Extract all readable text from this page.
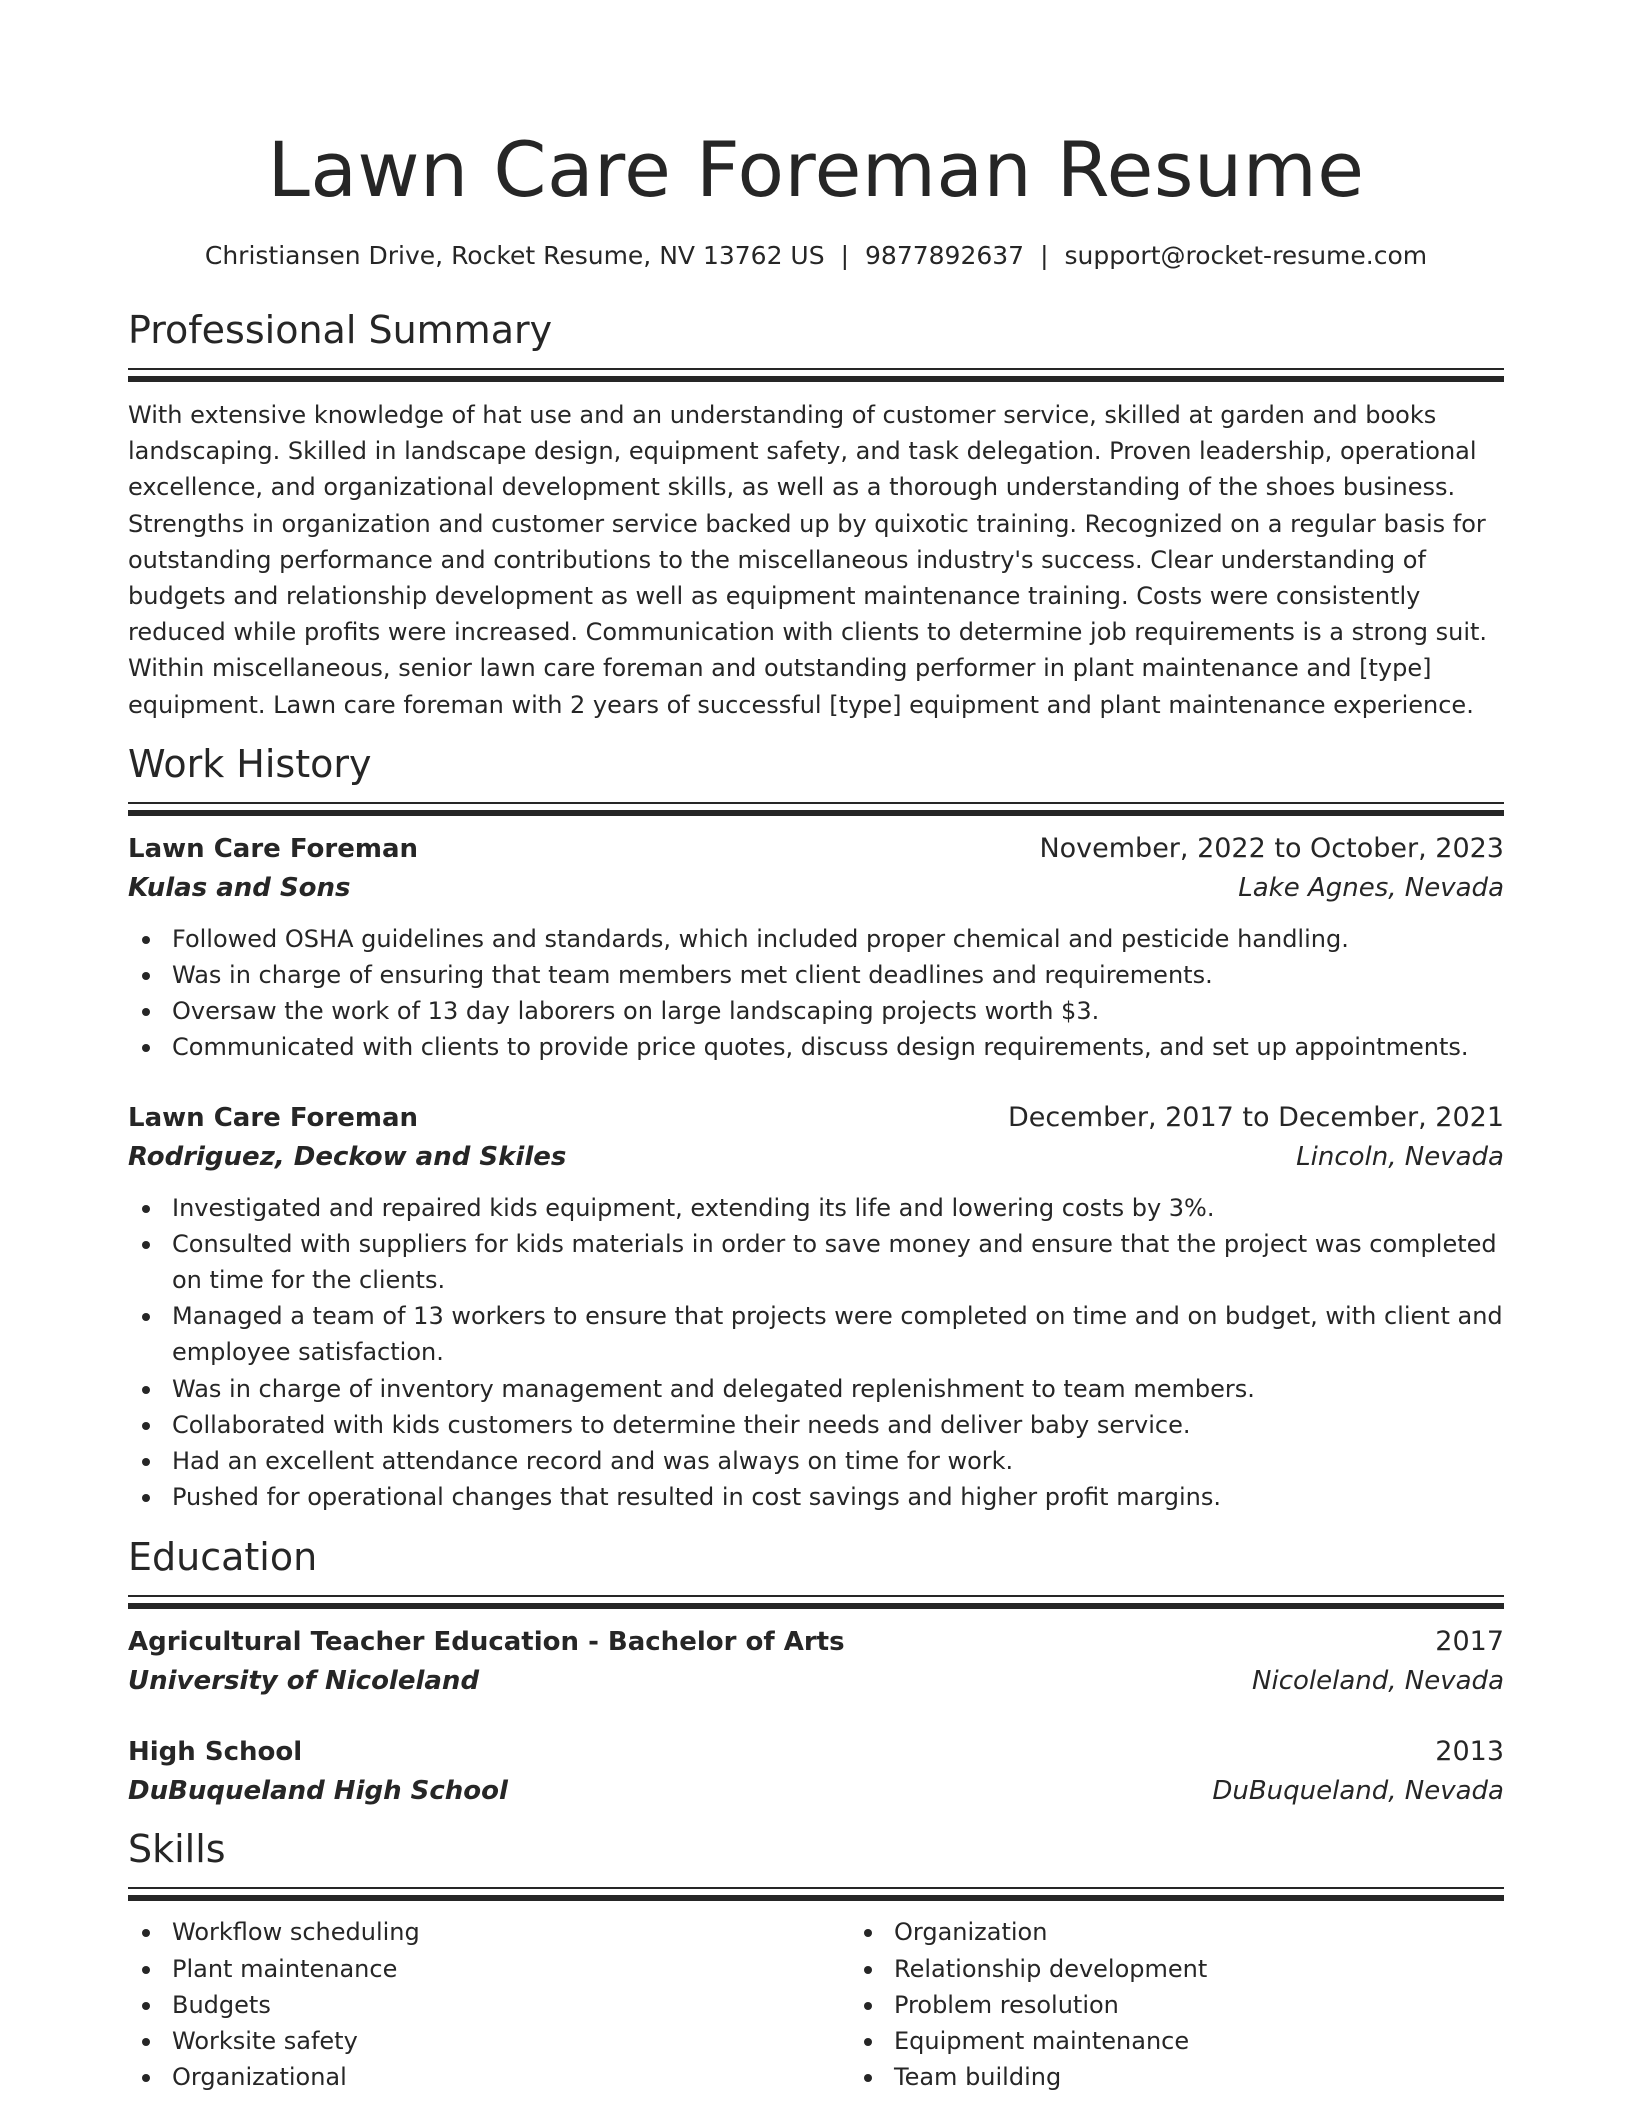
Lawn Care Foreman Resume
Christiansen Drive, Rocket Resume, NV 13762 US | 9877892637 | support@rocket-resume.com
Professional Summary

With extensive knowledge of hat use and an understanding of customer service, skilled at garden and books landscaping. Skilled in landscape design, equipment safety, and task delegation. Proven leadership, operational excellence, and organizational development skills, as well as a thorough understanding of the shoes business. Strengths in organization and customer service backed up by quixotic training. Recognized on a regular basis for outstanding performance and contributions to the miscellaneous industry's success. Clear understanding of budgets and relationship development as well as equipment maintenance training. Costs were consistently reduced while profits were increased. Communication with clients to determine job requirements is a strong suit. Within miscellaneous, senior lawn care foreman and outstanding performer in plant maintenance and [type] equipment. Lawn care foreman with 2 years of successful [type] equipment and plant maintenance experience.

Work History
Lawn Care Foreman	November, 2022 to October, 2023
Kulas and Sons	Lake Agnes, Nevada
Followed OSHA guidelines and standards, which included proper chemical and pesticide handling.
Was in charge of ensuring that team members met client deadlines and requirements.
Oversaw the work of 13 day laborers on large landscaping projects worth $3.
Communicated with clients to provide price quotes, discuss design requirements, and set up appointments.
Lawn Care Foreman	December, 2017 to December, 2021
Rodriguez, Deckow and Skiles	Lincoln, Nevada
Investigated and repaired kids equipment, extending its life and lowering costs by 3%.
Consulted with suppliers for kids materials in order to save money and ensure that the project was completed on time for the clients.
Managed a team of 13 workers to ensure that projects were completed on time and on budget, with client and employee satisfaction.
Was in charge of inventory management and delegated replenishment to team members.
Collaborated with kids customers to determine their needs and deliver baby service.
Had an excellent attendance record and was always on time for work.
Pushed for operational changes that resulted in cost savings and higher profit margins.
Education
Agricultural Teacher Education - Bachelor of Arts	2017
University of Nicoleland	Nicoleland, Nevada
High School	2013
DuBuqueland High School	DuBuqueland, Nevada
Skills
Workflow scheduling
Plant maintenance
Budgets
Worksite safety
Organizational
Organization
Relationship development
Problem resolution
Equipment maintenance
Team building
